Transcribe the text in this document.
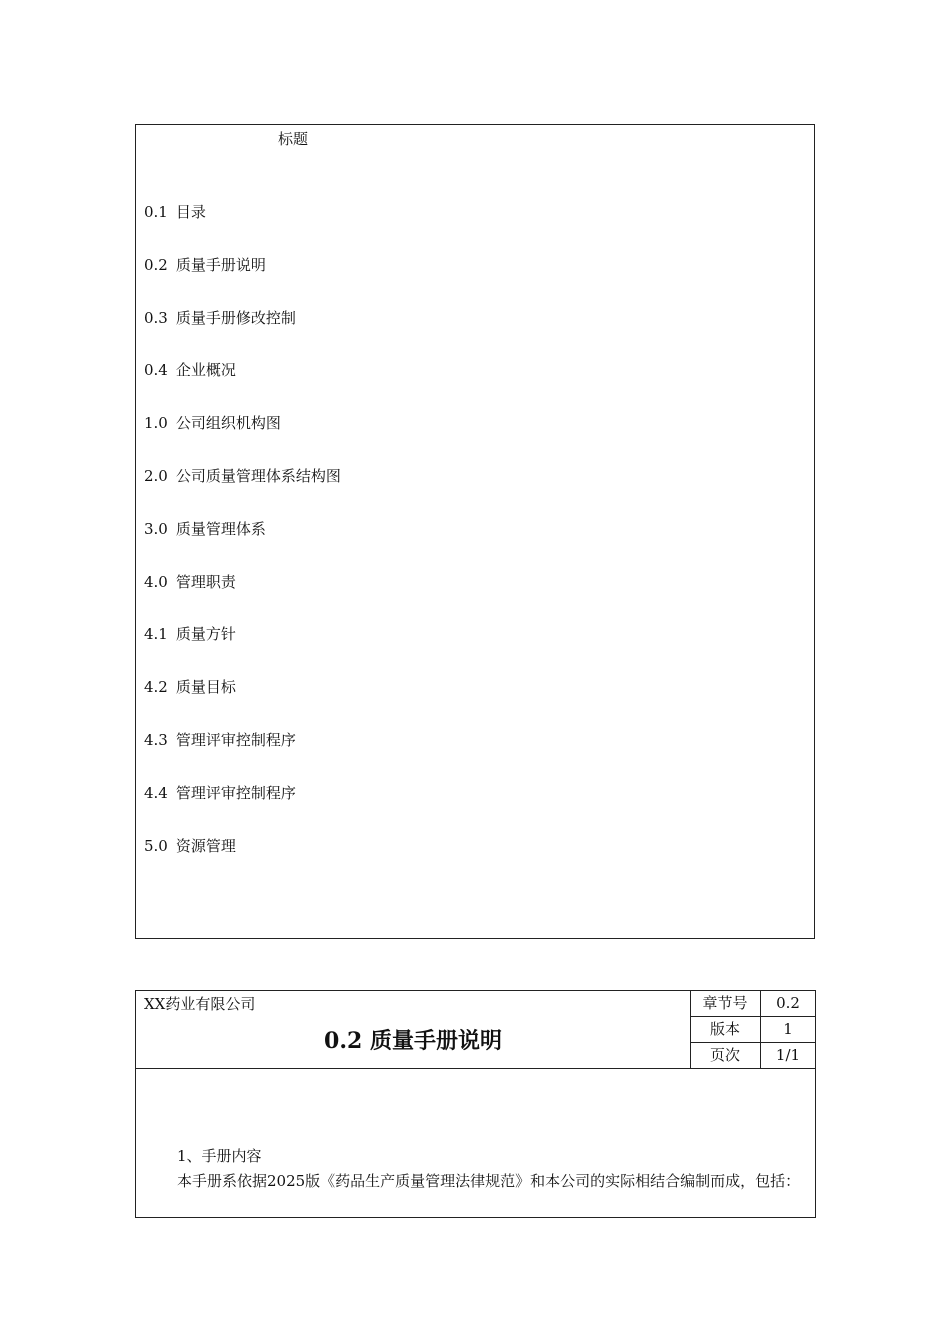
标题
0.1 目录
0.2 质量手册说明
0.3 质量手册修改控制
0.4 企业概况
1.0 公司组织机构图
2.0 公司质量管理体系结构图
3.0 质量管理体系
4.0 管理职责
4.1 质量方针
4.2 质量目标
4.3 管理评审控制程序
4.4 管理评审控制程序
5.0 资源管理
XX药业有限公司
0.2 质量手册说明
章节号	0.2
版本	1
页次	1/1

1、手册内容

本手册系依据2025版《药品生产质量管理法律规范》和本公司的实际相结合编制而成，包括：
